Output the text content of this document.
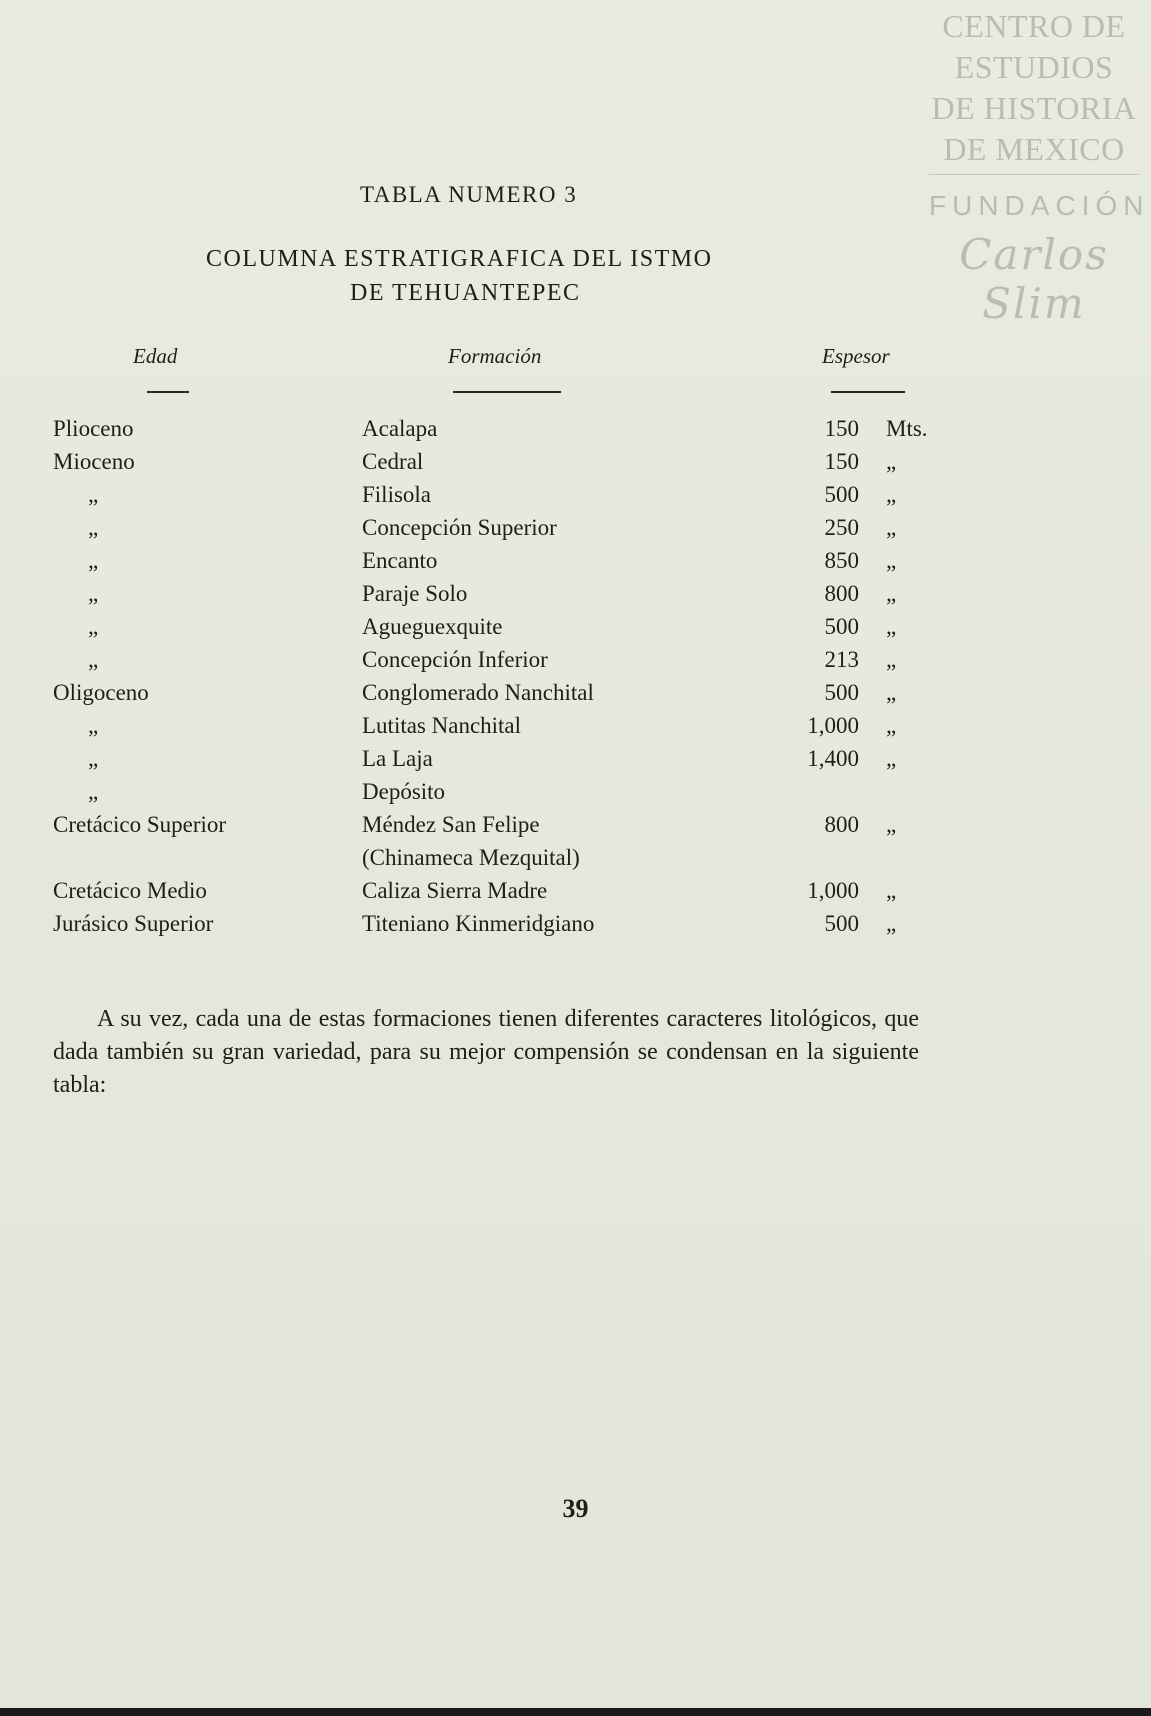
CENTRO DE
ESTUDIOS
DE HISTORIA
DE MEXICO
FUNDACIÓN
Carlos Slim
TABLA NUMERO 3
COLUMNA ESTRATIGRAFICA DEL ISTMO
DE TEHUANTEPEC
Edad	Formación	Espesor
Plioceno	Acalapa	150 Mts.
Mioceno	Cedral	150 „
„	Filisola	500 „
„	Concepción Superior	250 „
„	Encanto	850 „
„	Paraje Solo	800 „
„	Agueguexquite	500 „
„	Concepción Inferior	213 „
Oligoceno	Conglomerado Nanchital	500 „
„	Lutitas Nanchital	1,000 „
„	La Laja	1,400 „
„	Depósito
Cretácico Superior	Méndez San Felipe	800 „
(Chinameca Mezquital)
Cretácico Medio	Caliza Sierra Madre	1,000 „
Jurásico Superior	Titeniano Kinmeridgiano	500 „
A su vez, cada una de estas formaciones tienen diferentes caracteres litológicos, que dada también su gran variedad, para su mejor compensión se condensan en la siguiente tabla:
39
